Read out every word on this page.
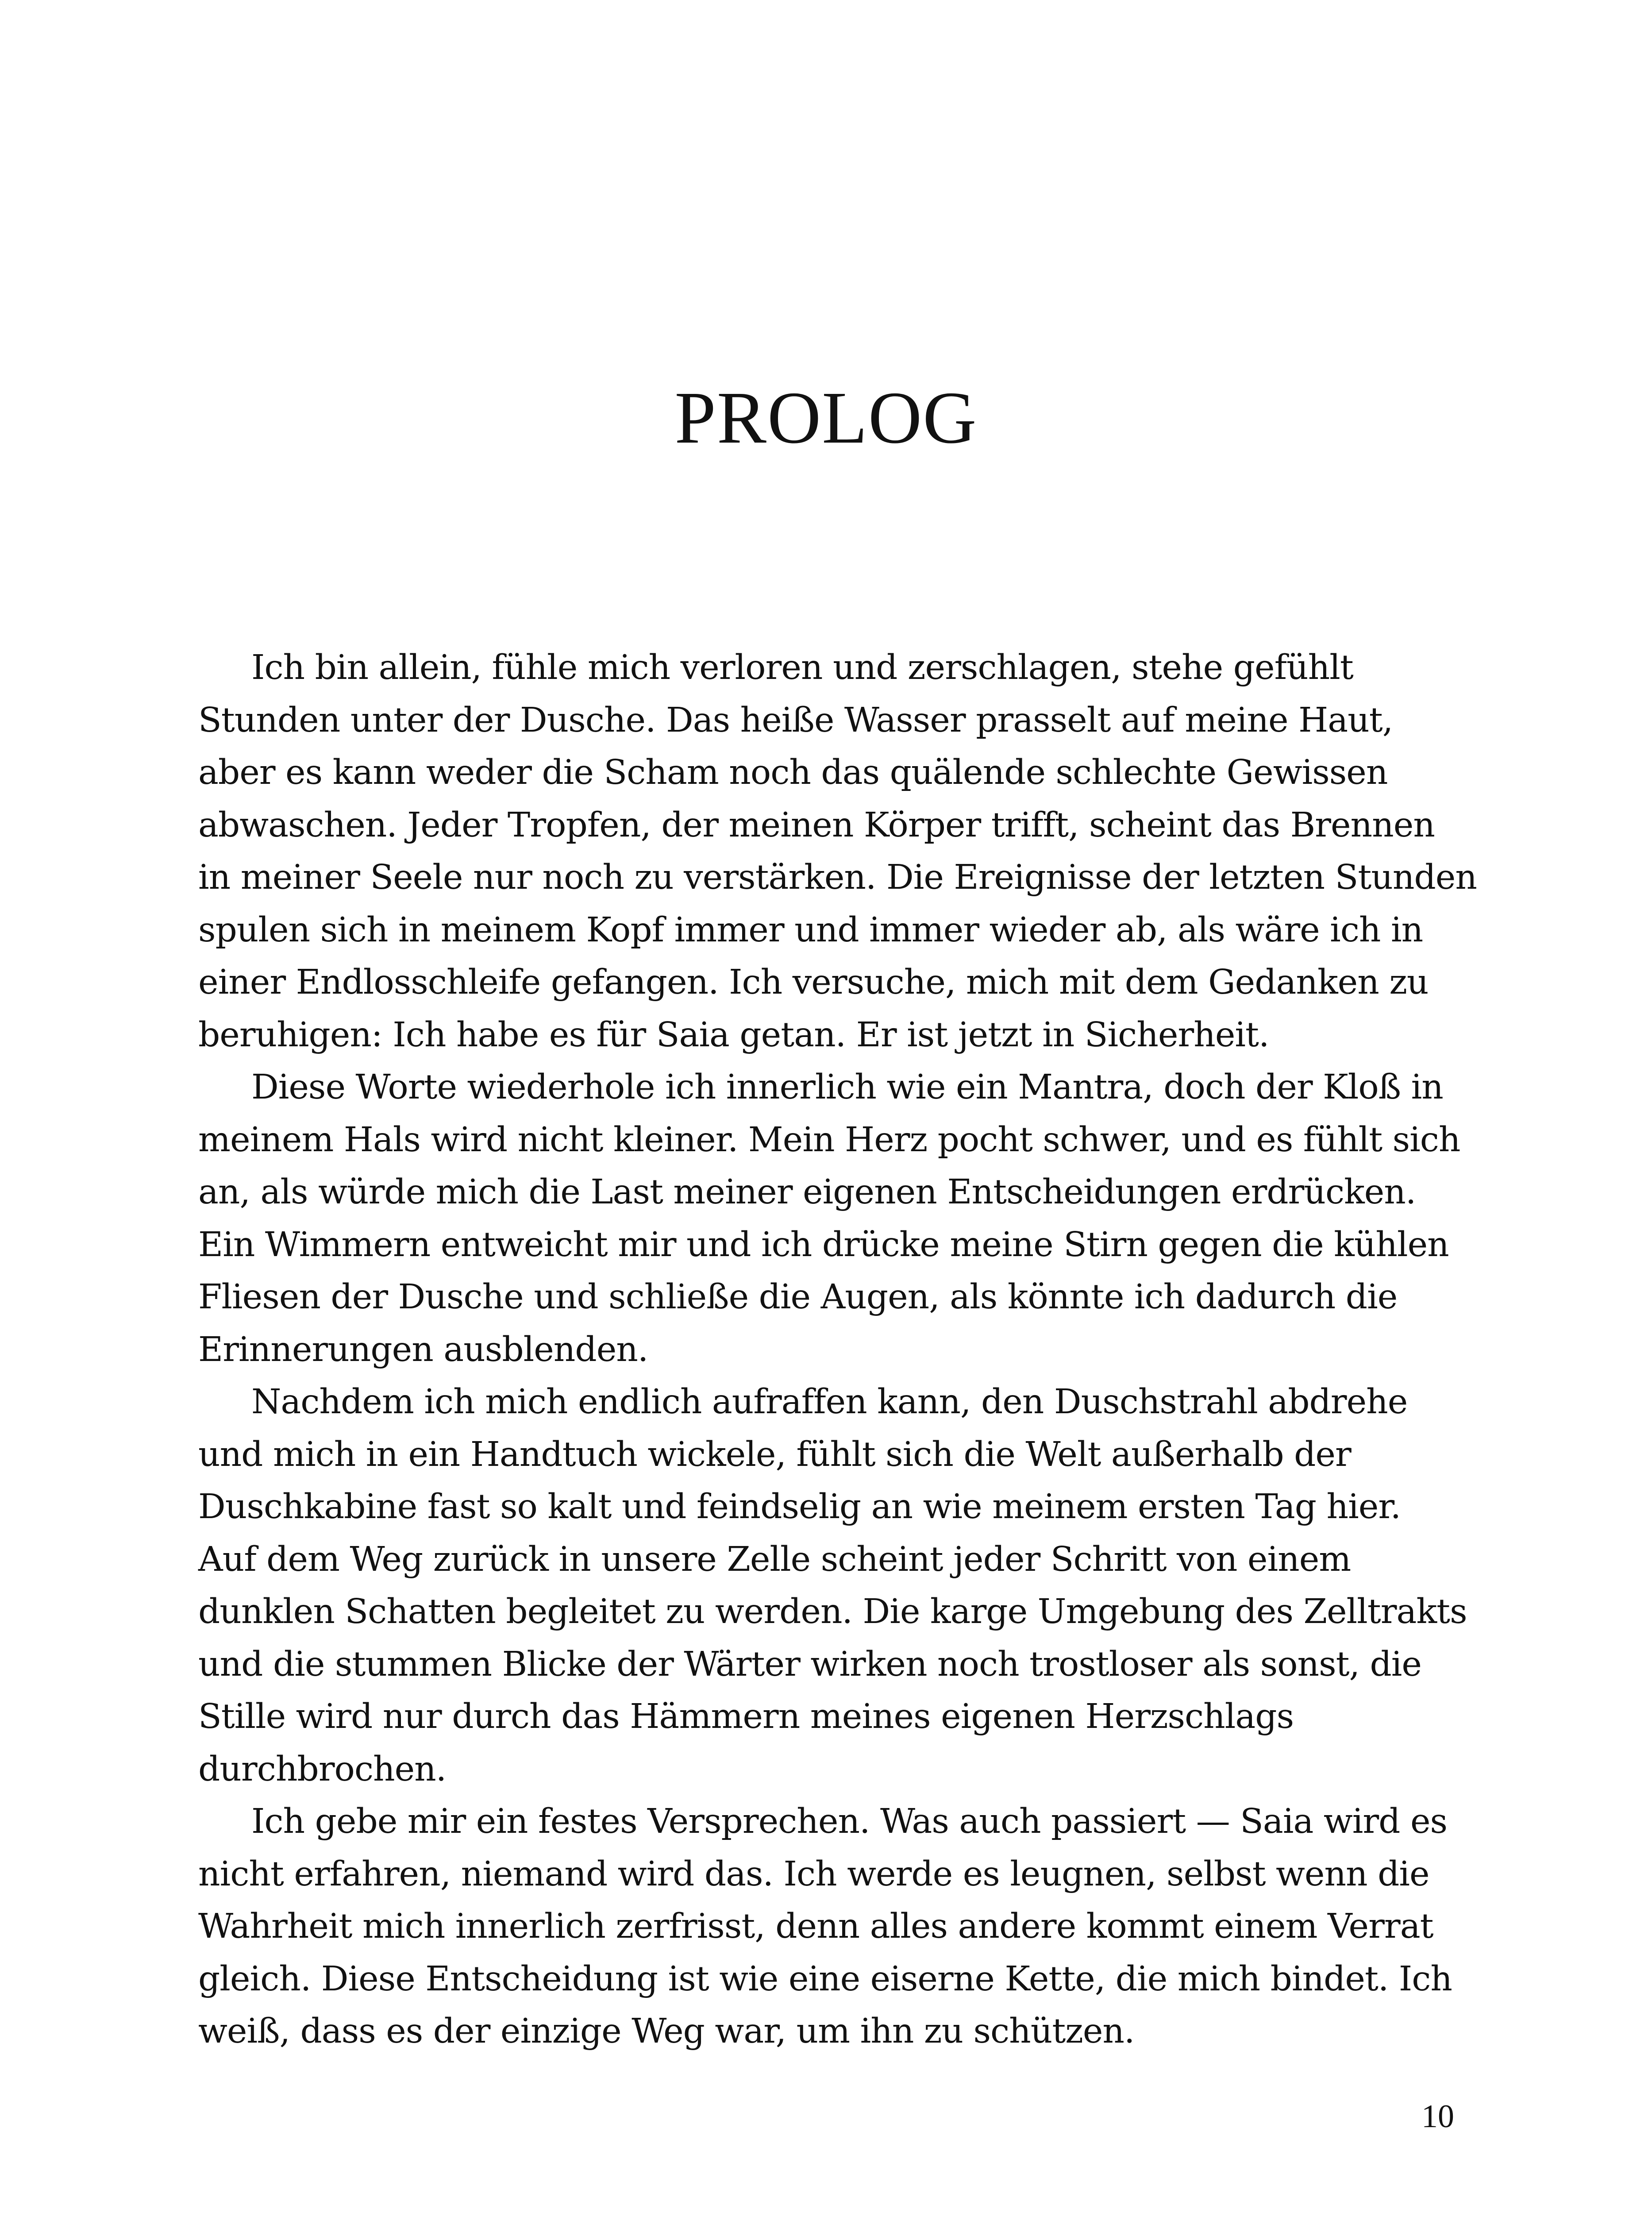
PROLOG

Ich bin allein, fühle mich verloren und zerschlagen, stehe gefühlt
Stunden unter der Dusche. Das heiße Wasser prasselt auf meine Haut,
aber es kann weder die Scham noch das quälende schlechte Gewissen
abwaschen. Jeder Tropfen, der meinen Körper trifft, scheint das Brennen
in meiner Seele nur noch zu verstärken. Die Ereignisse der letzten Stunden
spulen sich in meinem Kopf immer und immer wieder ab, als wäre ich in
einer Endlosschleife gefangen. Ich versuche, mich mit dem Gedanken zu
beruhigen: Ich habe es für Saia getan. Er ist jetzt in Sicherheit.

Diese Worte wiederhole ich innerlich wie ein Mantra, doch der Kloß in
meinem Hals wird nicht kleiner. Mein Herz pocht schwer, und es fühlt sich
an, als würde mich die Last meiner eigenen Entscheidungen erdrücken.
Ein Wimmern entweicht mir und ich drücke meine Stirn gegen die kühlen
Fliesen der Dusche und schließe die Augen, als könnte ich dadurch die
Erinnerungen ausblenden.

Nachdem ich mich endlich aufraffen kann, den Duschstrahl abdrehe
und mich in ein Handtuch wickele, fühlt sich die Welt außerhalb der
Duschkabine fast so kalt und feindselig an wie meinem ersten Tag hier.
Auf dem Weg zurück in unsere Zelle scheint jeder Schritt von einem
dunklen Schatten begleitet zu werden. Die karge Umgebung des Zelltrakts
und die stummen Blicke der Wärter wirken noch trostloser als sonst, die
Stille wird nur durch das Hämmern meines eigenen Herzschlags
durchbrochen.

Ich gebe mir ein festes Versprechen. Was auch passiert — Saia wird es
nicht erfahren, niemand wird das. Ich werde es leugnen, selbst wenn die
Wahrheit mich innerlich zerfrisst, denn alles andere kommt einem Verrat
gleich. Diese Entscheidung ist wie eine eiserne Kette, die mich bindet. Ich
weiß, dass es der einzige Weg war, um ihn zu schützen.

10
